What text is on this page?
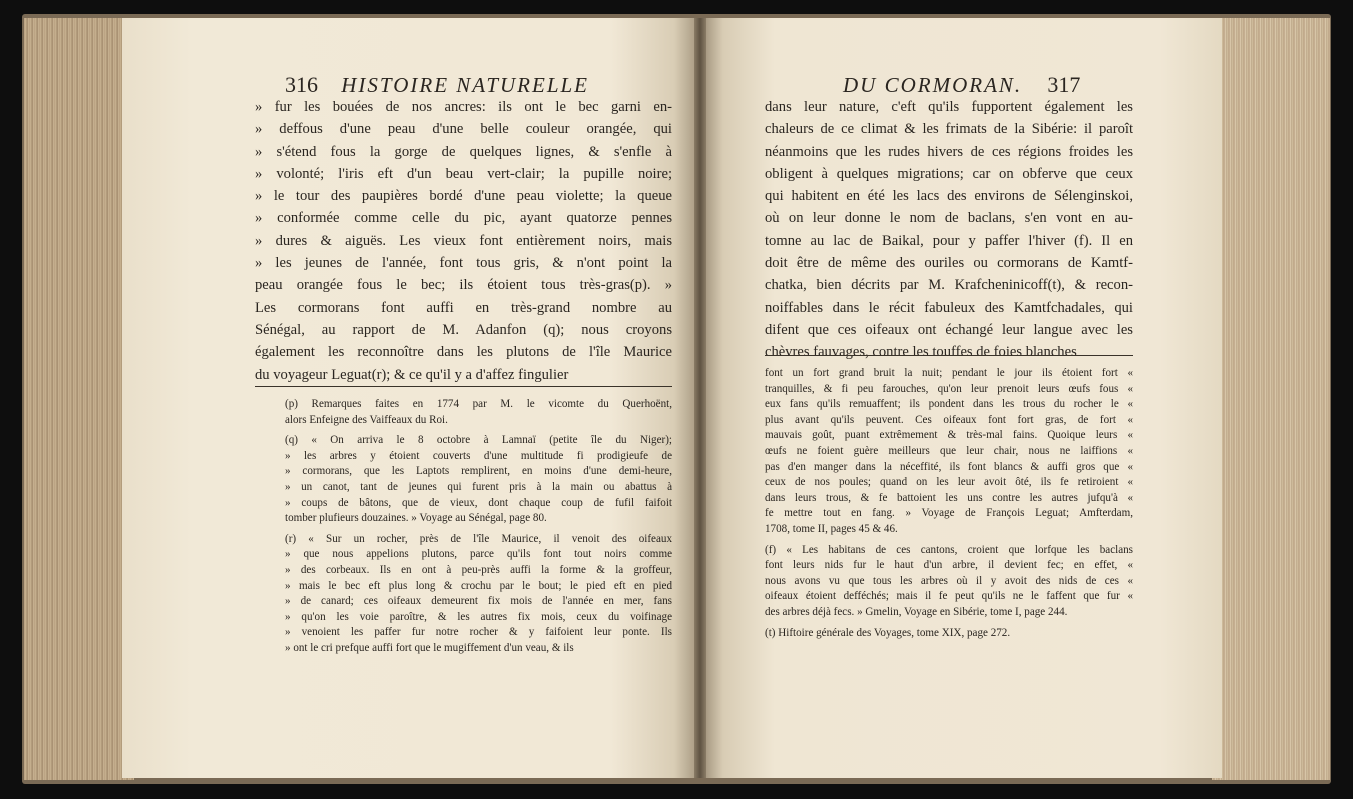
316 HISTOIRE NATURELLE
» fur les bouées de nos ancres: ils ont le bec garni en-
» deffous d'une peau d'une belle couleur orangée, qui
» s'étend fous la gorge de quelques lignes, & s'enfle à
» volonté; l'iris eft d'un beau vert-clair; la pupille noire;
» le tour des paupières bordé d'une peau violette; la queue
» conformée comme celle du pic, ayant quatorze pennes
» dures & aiguës. Les vieux font entièrement noirs, mais
» les jeunes de l'année, font tous gris, & n'ont point la
peau orangée fous le bec; ils étoient tous très-gras(p). »
Les cormorans font auffi en très-grand nombre au
Sénégal, au rapport de M. Adanfon (q); nous croyons
également les reconnoître dans les plutons de l'île Maurice
du voyageur Leguat(r); & ce qu'il y a d'affez fingulier
(p) Remarques faites en 1774 par M. le vicomte du Querhoënt,
alors Enfeigne des Vaiffeaux du Roi.
(q) « On arriva le 8 octobre à Lamnaï (petite île du Niger);
» les arbres y étoient couverts d'une multitude fi prodigieufe de
» cormorans, que les Laptots remplirent, en moins d'une demi-heure,
» un canot, tant de jeunes qui furent pris à la main ou abattus à
» coups de bâtons, que de vieux, dont chaque coup de fufil faifoit
tomber plufieurs douzaines. » Voyage au Sénégal, page 80.
(r) « Sur un rocher, près de l'île Maurice, il venoit des oifeaux
» que nous appelions plutons, parce qu'ils font tout noirs comme
» des corbeaux. Ils en ont à peu-près auffi la forme & la groffeur,
» mais le bec eft plus long & crochu par le bout; le pied eft en pied
» de canard; ces oifeaux demeurent fix mois de l'année en mer, fans
» qu'on les voie paroître, & les autres fix mois, ceux du voifinage
» venoient les paffer fur notre rocher & y faifoient leur ponte. Ils
» ont le cri prefque auffi fort que le mugiffement d'un veau, & ils
DU CORMORAN. 317
dans leur nature, c'eft qu'ils fupportent également les
chaleurs de ce climat & les frimats de la Sibérie: il paroît
néanmoins que les rudes hivers de ces régions froides les
obligent à quelques migrations; car on obferve que ceux
qui habitent en été les lacs des environs de Sélenginskoi,
où on leur donne le nom de baclans, s'en vont en au-
tomne au lac de Baikal, pour y paffer l'hiver (f). Il en
doit être de même des ouriles ou cormorans de Kamtf-
chatka, bien décrits par M. Krafcheninicoff(t), & recon-
noiffables dans le récit fabuleux des Kamtfchadales, qui
difent que ces oifeaux ont échangé leur langue avec les
chèvres fauvages, contre les touffes de foies blanches
font un fort grand bruit la nuit; pendant le jour ils étoient fort «
tranquilles, & fi peu farouches, qu'on leur prenoit leurs œufs fous «
eux fans qu'ils remuaffent; ils pondent dans les trous du rocher le «
plus avant qu'ils peuvent. Ces oifeaux font fort gras, de fort «
mauvais goût, puant extrêmement & très-mal fains. Quoique leurs «
œufs ne foient guère meilleurs que leur chair, nous ne laiffions «
pas d'en manger dans la néceffité, ils font blancs & auffi gros que «
ceux de nos poules; quand on les leur avoit ôté, ils fe retiroient «
dans leurs trous, & fe battoient les uns contre les autres jufqu'à «
fe mettre tout en fang. » Voyage de François Leguat; Amfterdam,
1708, tome II, pages 45 & 46.
(f) « Les habitans de ces cantons, croient que lorfque les baclans
font leurs nids fur le haut d'un arbre, il devient fec; en effet, «
nous avons vu que tous les arbres où il y avoit des nids de ces «
oifeaux étoient defféchés; mais il fe peut qu'ils ne le faffent que fur «
des arbres déjà fecs. » Gmelin, Voyage en Sibérie, tome I, page 244.
(t) Hiftoire générale des Voyages, tome XIX, page 272.
